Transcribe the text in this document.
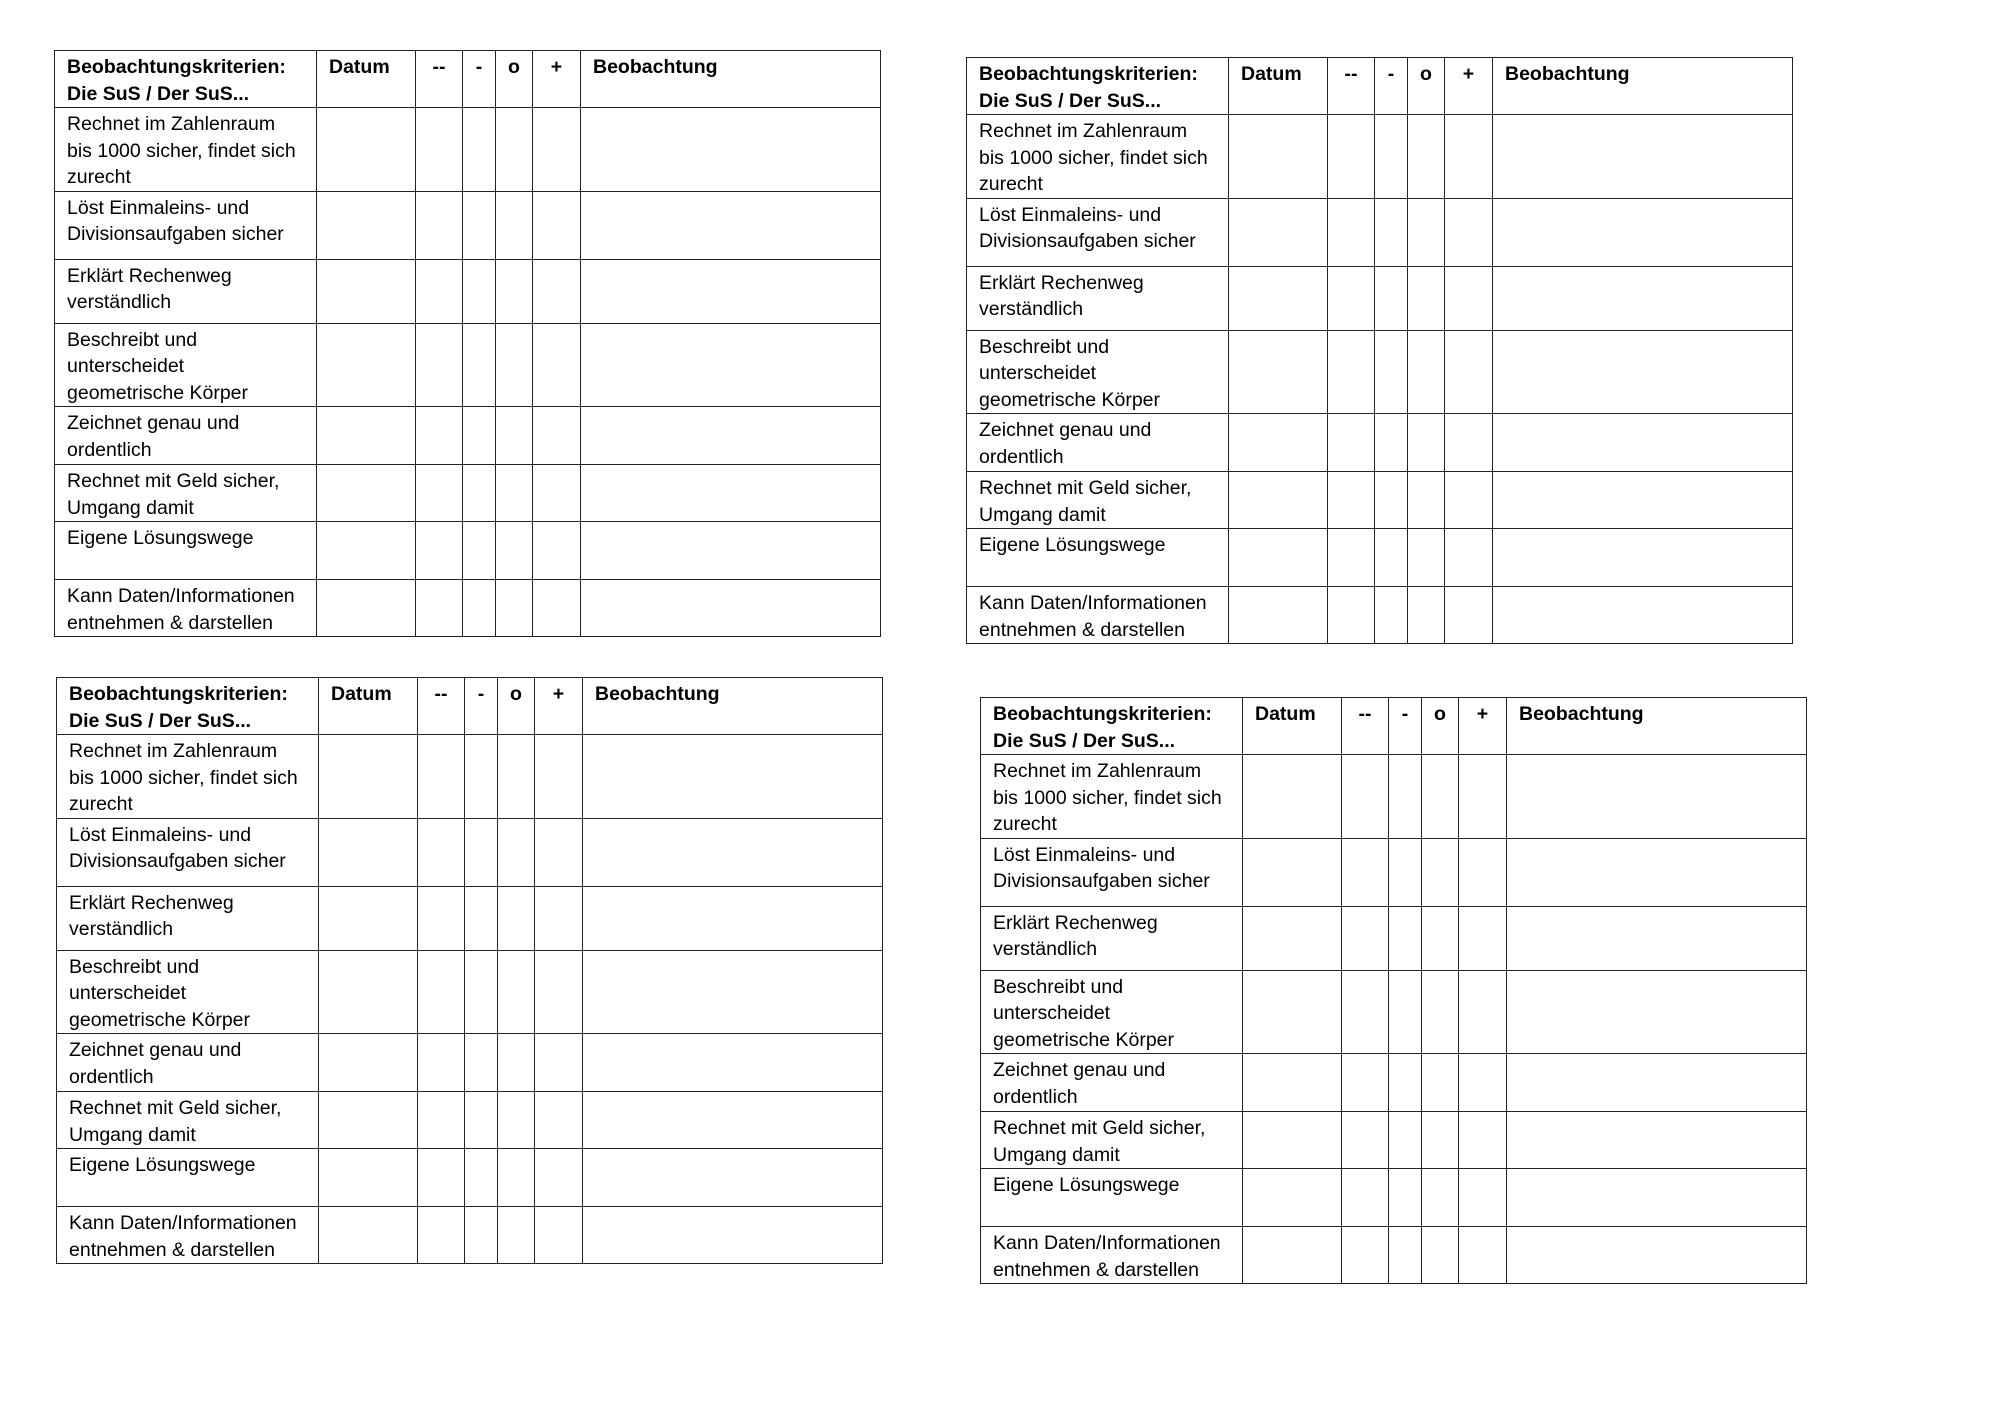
Beobachtungskriterien:
Die SuS / Der SuS...	Datum	--	-	o	+	Beobachtung

Rechnet im Zahlenraum
bis 1000 sicher, findet sich
zurecht						

Löst Einmaleins- und
Divisionsaufgaben sicher						

Erklärt Rechenweg
verständlich						

Beschreibt und
unterscheidet
geometrische Körper						

Zeichnet genau und
ordentlich						

Rechnet mit Geld sicher,
Umgang damit						

Eigene Lösungswege						

Kann Daten/Informationen
entnehmen & darstellen						

Beobachtungskriterien:
Die SuS / Der SuS...	Datum	--	-	o	+	Beobachtung

Rechnet im Zahlenraum
bis 1000 sicher, findet sich
zurecht						

Löst Einmaleins- und
Divisionsaufgaben sicher						

Erklärt Rechenweg
verständlich						

Beschreibt und
unterscheidet
geometrische Körper						

Zeichnet genau und
ordentlich						

Rechnet mit Geld sicher,
Umgang damit						

Eigene Lösungswege						

Kann Daten/Informationen
entnehmen & darstellen						

Beobachtungskriterien:
Die SuS / Der SuS...	Datum	--	-	o	+	Beobachtung

Rechnet im Zahlenraum
bis 1000 sicher, findet sich
zurecht						

Löst Einmaleins- und
Divisionsaufgaben sicher						

Erklärt Rechenweg
verständlich						

Beschreibt und
unterscheidet
geometrische Körper						

Zeichnet genau und
ordentlich						

Rechnet mit Geld sicher,
Umgang damit						

Eigene Lösungswege						

Kann Daten/Informationen
entnehmen & darstellen						

Beobachtungskriterien:
Die SuS / Der SuS...	Datum	--	-	o	+	Beobachtung

Rechnet im Zahlenraum
bis 1000 sicher, findet sich
zurecht						

Löst Einmaleins- und
Divisionsaufgaben sicher						

Erklärt Rechenweg
verständlich						

Beschreibt und
unterscheidet
geometrische Körper						

Zeichnet genau und
ordentlich						

Rechnet mit Geld sicher,
Umgang damit						

Eigene Lösungswege						

Kann Daten/Informationen
entnehmen & darstellen						
